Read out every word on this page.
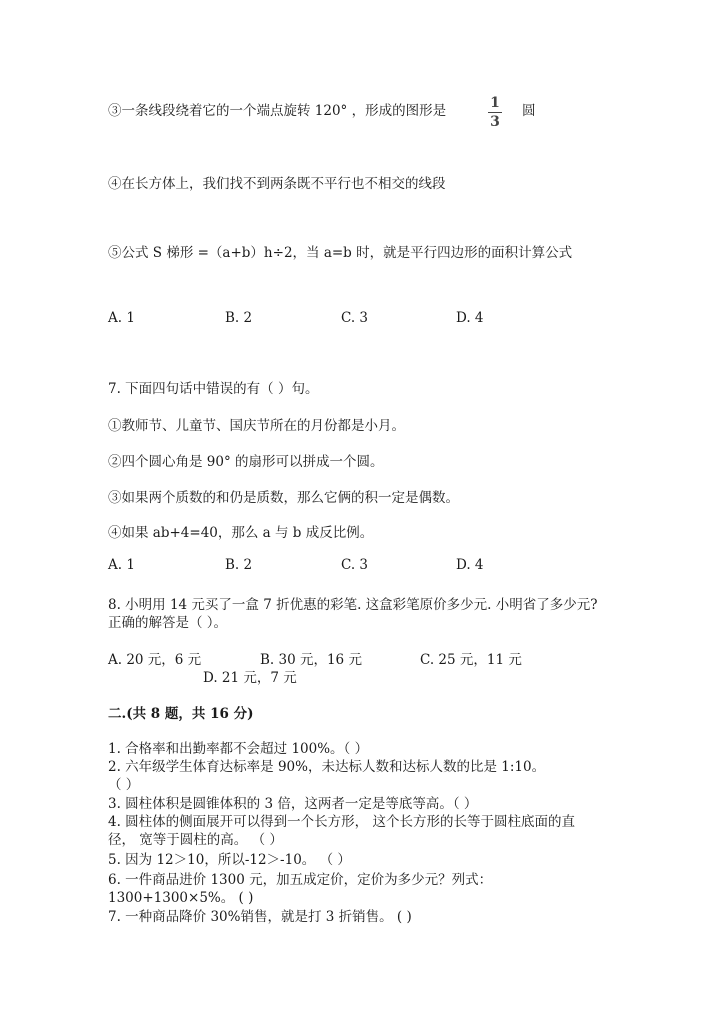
③一条线段绕着它的一个端点旋转 120° ，形成的图形是	1
3
圆
④在长方体上，我们找不到两条既不平行也不相交的线段
⑤公式 S 梯形 =（a+b）h÷2，当 a=b 时，就是平行四边形的面积计算公式
A. 1	B. 2	C. 3	D. 4
7. 下面四句话中错误的有（ ）句。
①教师节、儿童节、国庆节所在的月份都是小月。
②四个圆心角是 90° 的扇形可以拼成一个圆。
③如果两个质数的和仍是质数，那么它俩的积一定是偶数。
④如果 ab+4=40，那么 a 与 b 成反比例。
A. 1	B. 2	C. 3	D. 4
8. 小明用 14 元买了一盒 7 折优惠的彩笔. 这盒彩笔原价多少元. 小明省了多少元?
正确的解答是（ ）。
A. 20 元，6 元	B. 30 元，16 元	C. 25 元，11 元
D. 21 元，7 元
二.(共 8 题，共 16 分)
1. 合格率和出勤率都不会超过 100%。（ ）
2. 六年级学生体育达标率是 90%，未达标人数和达标人数的比是 1:10。
（ ）
3. 圆柱体积是圆锥体积的 3 倍，这两者一定是等底等高。（ ）
4. 圆柱体的侧面展开可以得到一个长方形， 这个长方形的长等于圆柱底面的直
径， 宽等于圆柱的高。 （ ）
5. 因为 12＞10，所以-12＞-10。 （ ）
6. 一件商品进价 1300 元，加五成定价，定价为多少元？列式：
1300+1300×5%。 ( )
7. 一种商品降价 30%销售，就是打 3 折销售。 ( )
